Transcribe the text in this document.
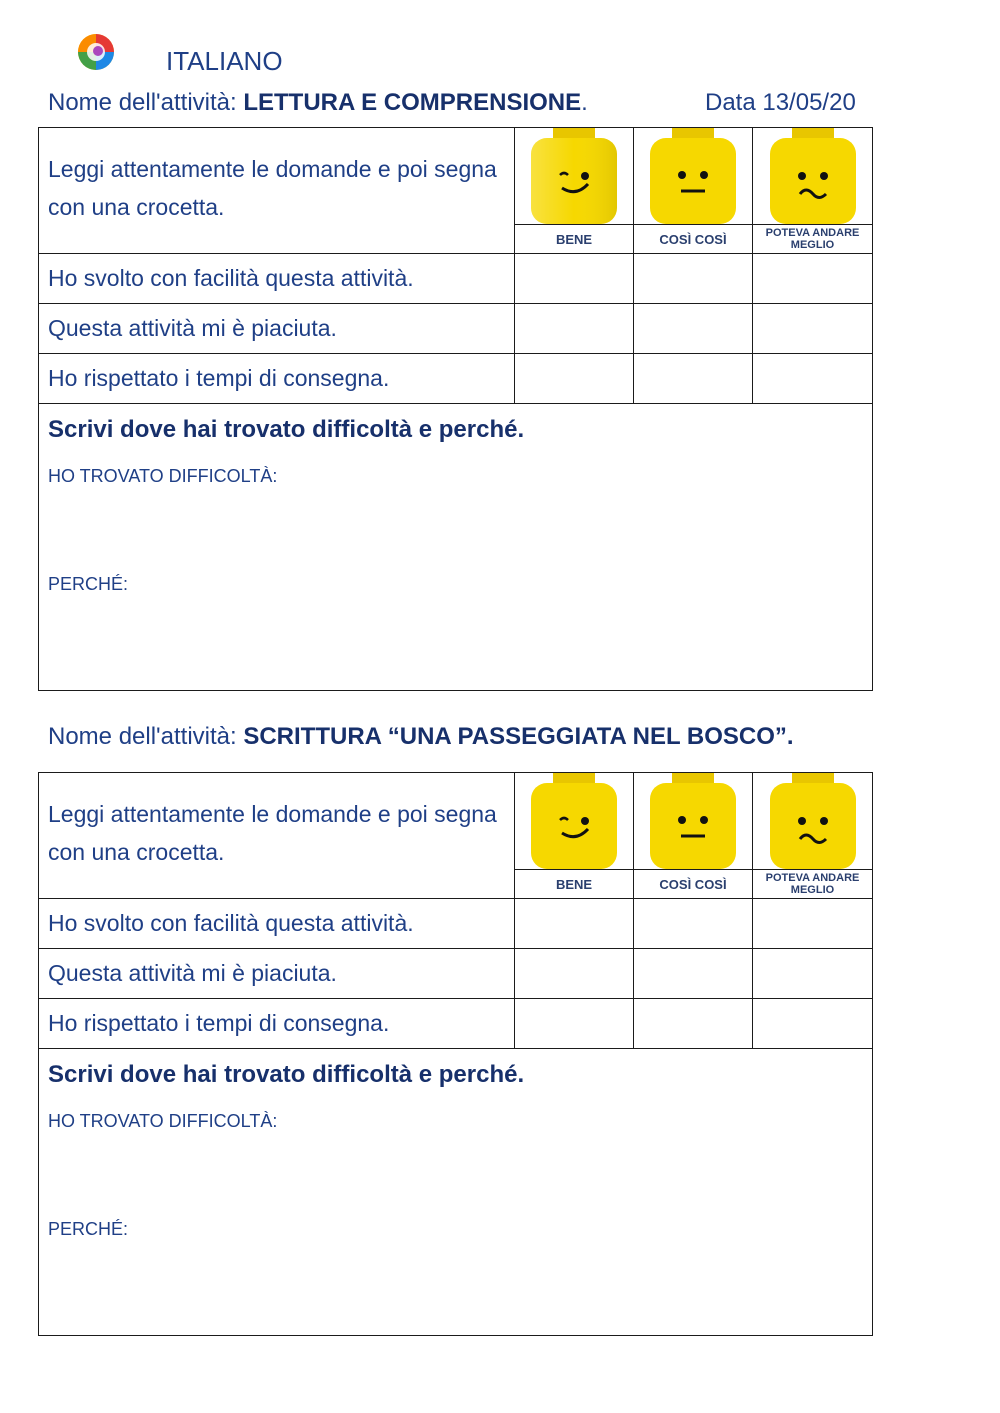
ITALIANO
Nome dell'attività: LETTURA E COMPRENSIONE.	Data 13/05/20
Leggi attentamente le domande e poi segna con una crocetta.	BENE	COSÌ COSÌ	POTEVA ANDARE MEGLIO

Ho svolto con facilità questa attività.			
Questa attività mi è piaciuta.			
Ho rispettato i tempi di consegna.			

Scrivi dove hai trovato difficoltà e perché.
HO TROVATO DIFFICOLTÀ:
PERCHÉ:			
Nome dell'attività: SCRITTURA “UNA PASSEGGIATA NEL BOSCO”.
Leggi attentamente le domande e poi segna con una crocetta.	BENE	COSÌ COSÌ	POTEVA ANDARE MEGLIO

Ho svolto con facilità questa attività.			
Questa attività mi è piaciuta.			
Ho rispettato i tempi di consegna.			

Scrivi dove hai trovato difficoltà e perché.
HO TROVATO DIFFICOLTÀ:
PERCHÉ:			
